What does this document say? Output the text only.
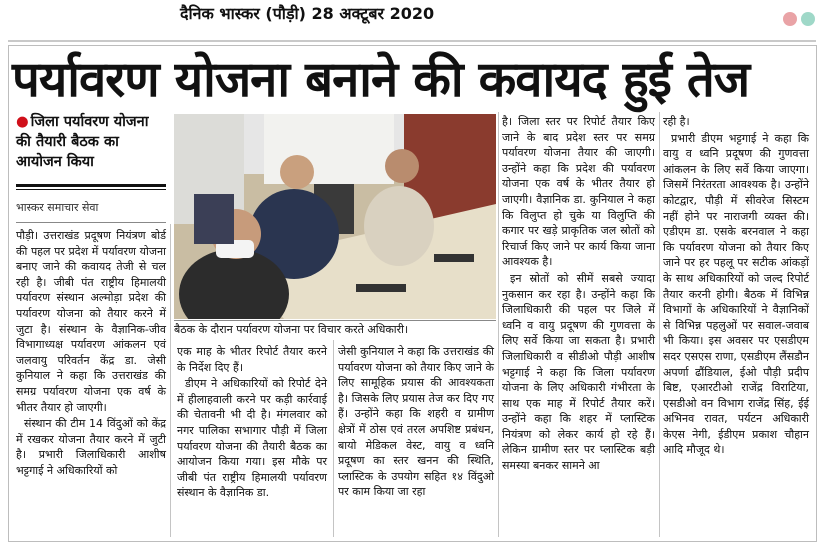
दैनिक भास्कर (पौड़ी) 28 अक्टूबर 2020
पर्यावरण योजना बनाने की कवायद हुई तेज
● जिला पर्यावरण योजना की तैयारी बैठक का आयोजन किया
भास्कर समाचार सेवा

पौड़ी। उत्तराखंड प्रदूषण नियंत्रण बोर्ड की पहल पर प्रदेश में पर्यावरण योजना बनाए जाने की कवायद तेजी से चल रही है। जीबी पंत राष्ट्रीय हिमालयी पर्यावरण संस्थान अल्मोड़ा प्रदेश की पर्यावरण योजना को तैयार करने में जुटा है। संस्थान के वैज्ञानिक-जीव विभागाध्यक्ष पर्यावरण आंकलन एवं जलवायु परिवर्तन केंद्र डा. जेसी कुनियाल ने कहा कि उत्तराखंड की समग्र पर्यावरण योजना एक वर्ष के भीतर तैयार हो जाएगी।

संस्थान की टीम 14 विंदुओं को केंद्र में रखकर योजना तैयार करने में जुटी है। प्रभारी जिलाधिकारी आशीष भट्टगाई ने अधिकारियों को

बैठक के दौरान पर्यावरण योजना पर विचार करते अधिकारी।

एक माह के भीतर रिपोर्ट तैयार करने के निर्देश दिए हैं।

डीएम ने अधिकारियों को रिपोर्ट देने में हीलाहवाली करने पर कड़ी कार्रवाई की चेतावनी भी दी है। मंगलवार को नगर पालिका सभागार पौड़ी में जिला पर्यावरण योजना की तैयारी बैठक का आयोजन किया गया। इस मौके पर जीबी पंत राष्ट्रीय हिमालयी पर्यावरण संस्थान के वैज्ञानिक डा.

जेसी कुनियाल ने कहा कि उत्तराखंड की पर्यावरण योजना को तैयार किए जाने के लिए सामूहिक प्रयास की आवश्यकता है। जिसके लिए प्रयास तेज कर दिए गए हैं। उन्होंने कहा कि शहरी व ग्रामीण क्षेत्रों में ठोस एवं तरल अपशिष्ट प्रबंधन, बायो मेडिकल वेस्ट, वायु व ध्वनि प्रदूषण का स्तर खनन की स्थिति, प्लास्टिक के उपयोग सहित १४ विंदुओ पर काम किया जा रहा

है। जिला स्तर पर रिपोर्ट तैयार किए जाने के बाद प्रदेश स्तर पर समग्र पर्यावरण योजना तैयार की जाएगी। उन्होंने कहा कि प्रदेश की पर्यावरण योजना एक वर्ष के भीतर तैयार हो जाएगी। वैज्ञानिक डा. कुनियाल ने कहा कि विलुप्त हो चुके या विलुप्ति की कगार पर खड़े प्राकृतिक जल स्रोतों को रिचार्ज किए जाने पर कार्य किया जाना आवश्यक है।

इन स्रोतों को सीमें सबसे ज्यादा नुकसान कर रहा है। उन्होंने कहा कि जिलाधिकारी की पहल पर जिले में ध्वनि व वायु प्रदूषण की गुणवत्ता के लिए सर्वे किया जा सकता है। प्रभारी जिलाधिकारी व सीडीओ पौड़ी आशीष भट्टगाई ने कहा कि जिला पर्यावरण योजना के लिए अधिकारी गंभीरता के साथ एक माह में रिपोर्ट तैयार करें। उन्होंने कहा कि शहर में प्लास्टिक नियंत्रण को लेकर कार्य हो रहे हैं। लेकिन ग्रामीण स्तर पर प्लास्टिक बड़ी समस्या बनकर सामने आ

रही है।

प्रभारी डीएम भट्टगाई ने कहा कि वायु व ध्वनि प्रदूषण की गुणवत्ता आंकलन के लिए सर्वे किया जाएगा। जिसमें निरंतरता आवश्यक है। उन्होंने कोटद्वार, पौड़ी में सीवरेज सिस्टम नहीं होने पर नाराजगी व्यक्त की। एडीएम डा. एसके बरनवाल ने कहा कि पर्यावरण योजना को तैयार किए जाने पर हर पहलू पर सटीक आंकड़ों के साथ अधिकारियों को जल्द रिपोर्ट तैयार करनी होगी। बैठक में विभिन्न विभागों के अधिकारियों ने वैज्ञानिकों से विभिन्न पहलुओं पर सवाल-जवाब भी किया। इस अवसर पर एसडीएम सदर एसएस राणा, एसडीएम लैंसडौन अपर्णा ढौंडियाल, ईओ पौड़ी प्रदीप बिष्ट, एआरटीओ राजेंद्र विराटिया, एसडीओ वन विभाग राजेंद्र सिंह, ईई अभिनव रावत, पर्यटन अधिकारी केएस नेगी, ईडीएम प्रकाश चौहान आदि मौजूद थे।
